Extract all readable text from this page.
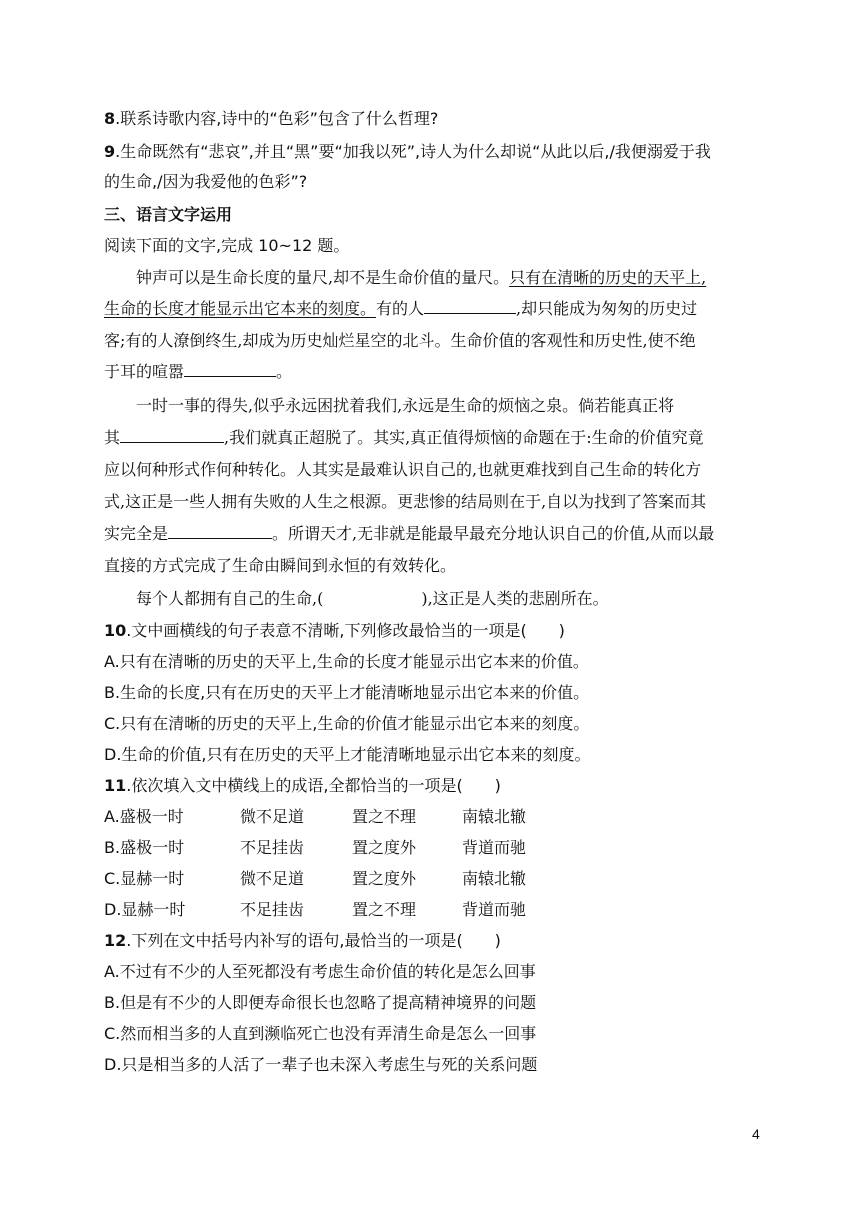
8.联系诗歌内容,诗中的“色彩”包含了什么哲理?
9.生命既然有“悲哀”,并且“黑”要“加我以死”,诗人为什么却说“从此以后,/我便溺爱于我
的生命,/因为我爱他的色彩”?
三、语言文字运用
阅读下面的文字,完成 10~12 题。
钟声可以是生命长度的量尺,却不是生命价值的量尺。只有在清晰的历史的天平上,
生命的长度才能显示出它本来的刻度。有的人	,却只能成为匆匆的历史过
客;有的人潦倒终生,却成为历史灿烂星空的北斗。生命价值的客观性和历史性,使不绝
于耳的喧嚣	。
一时一事的得失,似乎永远困扰着我们,永远是生命的烦恼之泉。倘若能真正将
其	,我们就真正超脱了。其实,真正值得烦恼的命题在于:生命的价值究竟
应以何种形式作何种转化。人其实是最难认识自己的,也就更难找到自己生命的转化方
式,这正是一些人拥有失败的人生之根源。更悲惨的结局则在于,自以为找到了答案而其
实完全是	。所谓天才,无非就是能最早最充分地认识自己的价值,从而以最
直接的方式完成了生命由瞬间到永恒的有效转化。
每个人都拥有自己的生命,(	),这正是人类的悲剧所在。
10.文中画横线的句子表意不清晰,下列修改最恰当的一项是(　　)
A.只有在清晰的历史的天平上,生命的长度才能显示出它本来的价值。
B.生命的长度,只有在历史的天平上才能清晰地显示出它本来的价值。
C.只有在清晰的历史的天平上,生命的价值才能显示出它本来的刻度。
D.生命的价值,只有在历史的天平上才能清晰地显示出它本来的刻度。
11.依次填入文中横线上的成语,全都恰当的一项是(　　)
A.盛极一时	微不足道	置之不理	南辕北辙
B.盛极一时	不足挂齿	置之度外	背道而驰
C.显赫一时	微不足道	置之度外	南辕北辙
D.显赫一时	不足挂齿	置之不理	背道而驰
12.下列在文中括号内补写的语句,最恰当的一项是(　　)
A.不过有不少的人至死都没有考虑生命价值的转化是怎么回事
B.但是有不少的人即便寿命很长也忽略了提高精神境界的问题
C.然而相当多的人直到濒临死亡也没有弄清生命是怎么一回事
D.只是相当多的人活了一辈子也未深入考虑生与死的关系问题
4
